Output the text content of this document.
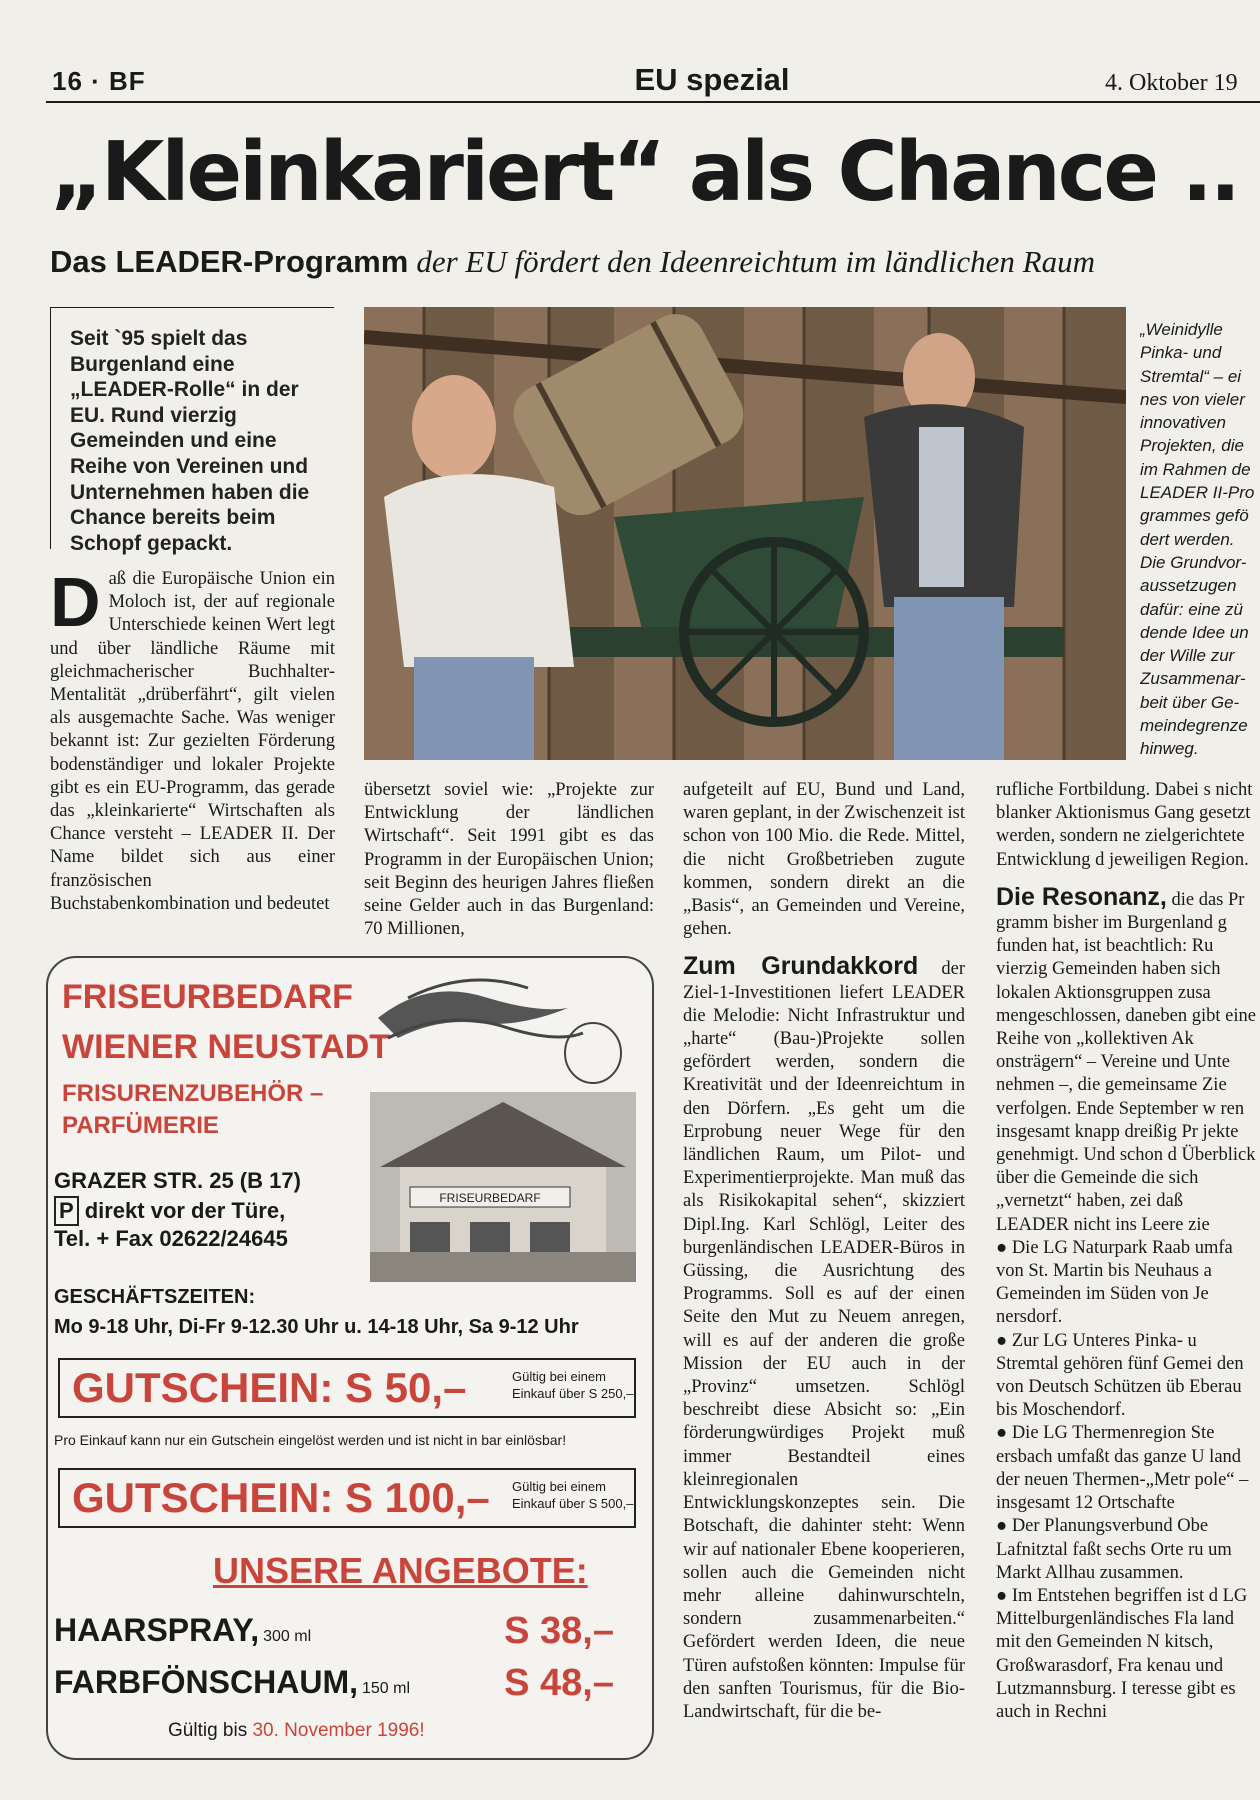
16 · BF	EU spezial	4. Oktober 19
„Kleinkariert“ als Chance ..
Das LEADER-Programm der EU fördert den Ideenreichtum im ländlichen Raum
Seit `95 spielt das Burgenland eine „LEADER-Rolle“ in der EU. Rund vierzig Gemeinden und eine Reihe von Vereinen und Unternehmen haben die Chance bereits beim Schopf gepackt.
„Weinidylle
Pinka- und
Stremtal“ – ei
nes von vieler
innovativen
Projekten, die
im Rahmen de
LEADER II-Pro
grammes gefö
dert werden.
Die Grundvor-
aussetzugen
dafür: eine zü
dende Idee un
der Wille zur
Zusammenar-
beit über Ge-
meindegrenze
hinweg.
Daß die Europäische Union ein Moloch ist, der auf regionale Unterschiede keinen Wert legt und über ländliche Räume mit gleichmacherischer Buchhalter-Mentalität „drüberfährt“, gilt vielen als ausgemachte Sache. Was weniger bekannt ist: Zur gezielten Förderung bodenständiger und lokaler Projekte gibt es ein EU-Programm, das gerade das „kleinkarierte“ Wirtschaften als Chance versteht – LEADER II. Der Name bildet sich aus einer französischen Buchstabenkombination und bedeutet
übersetzt soviel wie: „Projekte zur Entwicklung der ländlichen Wirtschaft“. Seit 1991 gibt es das Programm in der Europäischen Union; seit Beginn des heurigen Jahres fließen seine Gelder auch in das Burgenland: 70 Millionen,

aufgeteilt auf EU, Bund und Land, waren geplant, in der Zwischenzeit ist schon von 100 Mio. die Rede. Mittel, die nicht Großbetrieben zugute kommen, sondern direkt an die „Basis“, an Gemeinden und Vereine, gehen.

Zum Grundakkord der Ziel-1-Investitionen liefert LEADER die Melodie: Nicht Infrastruktur und „harte“ (Bau-)Projekte sollen gefördert werden, sondern die Kreativität und der Ideenreichtum in den Dörfern. „Es geht um die Erprobung neuer Wege für den ländlichen Raum, um Pilot- und Experimentierprojekte. Man muß das als Risikokapital sehen“, skizziert Dipl.Ing. Karl Schlögl, Leiter des burgenländischen LEADER-Büros in Güssing, die Ausrichtung des Programms. Soll es auf der einen Seite den Mut zu Neuem anregen, will es auf der anderen die große Mission der EU auch in der „Provinz“ umsetzen. Schlögl beschreibt diese Absicht so: „Ein förderungwürdiges Projekt muß immer Bestandteil eines kleinregionalen Entwicklungskonzeptes sein. Die Botschaft, die dahinter steht: Wenn wir auf nationaler Ebene kooperieren, sollen auch die Gemeinden nicht mehr alleine dahinwurschteln, sondern zusammenarbeiten.“ Gefördert werden Ideen, die neue Türen aufstoßen könnten: Impulse für den sanften Tourismus, für die Bio-Landwirtschaft, für die be-

rufliche Fortbildung. Dabei s nicht blanker Aktionismus Gang gesetzt werden, sondern ne zielgerichtete Entwicklung d jeweiligen Region.

Die Resonanz, die das Pr gramm bisher im Burgenland g funden hat, ist beachtlich: Ru vierzig Gemeinden haben sich lokalen Aktionsgruppen zusa mengeschlossen, daneben gibt eine Reihe von „kollektiven Ak onsträgern“ – Vereine und Unte nehmen –, die gemeinsame Zie verfolgen. Ende September w ren insgesamt knapp dreißig Pr jekte genehmigt. Und schon d Überblick über die Gemeinde die sich „vernetzt“ haben, zei daß LEADER nicht ins Leere zie

● Die LG Naturpark Raab umfa von St. Martin bis Neuhaus a Gemeinden im Süden von Je nersdorf.

● Zur LG Unteres Pinka- u Stremtal gehören fünf Gemei den von Deutsch Schützen üb Eberau bis Moschendorf.

● Die LG Thermenregion Ste ersbach umfaßt das ganze U land der neuen Thermen-„Metr pole“ – insgesamt 12 Ortschafte

● Der Planungsverbund Obe Lafnitztal faßt sechs Orte ru um Markt Allhau zusammen.

● Im Entstehen begriffen ist d LG Mittelburgenländisches Fla land mit den Gemeinden N kitsch, Großwarasdorf, Fra kenau und Lutzmannsburg. I teresse gibt es auch in Rechni

FRISEURBEDARF
WIENER NEUSTADT
FRISURENZUBEHÖR –
PARFÜMERIE
FRISEURBEDARF
GRAZER STR. 25 (B 17)
P direkt vor der Türe,
Tel. + Fax 02622/24645
GESCHÄFTSZEITEN:
Mo 9-18 Uhr, Di-Fr 9-12.30 Uhr u. 14-18 Uhr, Sa 9-12 Uhr
GUTSCHEIN: S 50,–	Gültig bei einem
Einkauf über S 250,–
Pro Einkauf kann nur ein Gutschein eingelöst werden und ist nicht in bar einlösbar!
GUTSCHEIN: S 100,– Gültig bei einem
Einkauf über S 500,–
UNSERE ANGEBOTE:
HAARSPRAY, 300 ml	S 38,–
FARBFÖNSCHAUM, 150 ml S 48,–
Gültig bis 30. November 1996!
